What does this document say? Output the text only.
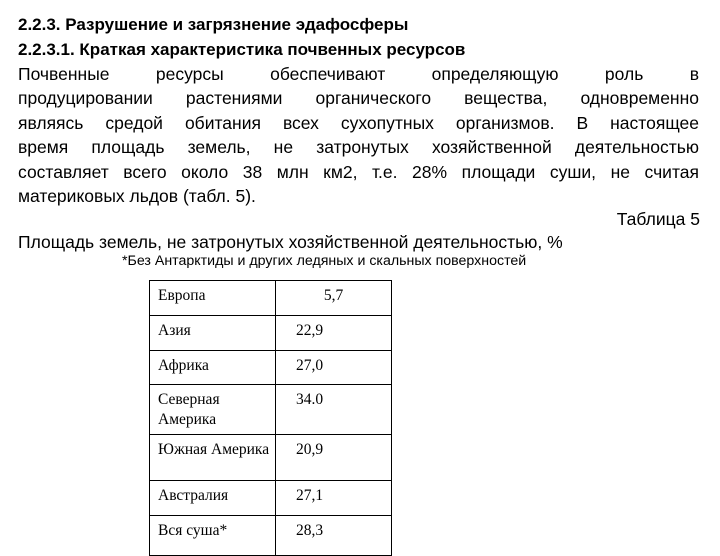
2.2.3. Разрушение и загрязнение эдафосферы
2.2.3.1. Краткая характеристика почвенных ресурсов
Почвенные ресурсы обеспечивают определяющую роль в
продуцировании растениями органического вещества, одновременно
являясь средой обитания всех сухопутных организмов. В настоящее
время площадь земель, не затронутых хозяйственной деятельностью
составляет всего около 38 млн км2, т.е. 28% площади суши, не считая
материковых льдов (табл. 5).
Таблица 5
Площадь земель, не затронутых хозяйственной деятельностью, %
*Без Антарктиды и других ледяных и скальных поверхностей
Европа	5,7
Азия	22,9
Африка	27,0
Северная Америка	34.0
Южная Америка	20,9
Австралия	27,1
Вся суша*	28,3
